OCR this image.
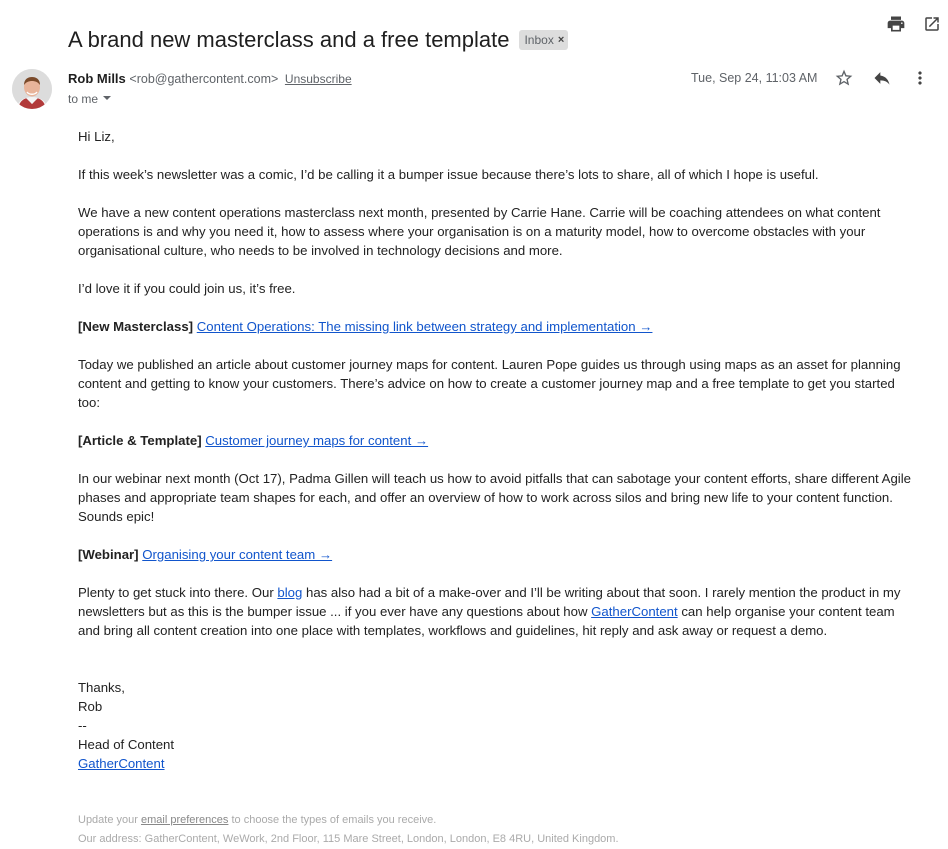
A brand new masterclass and a free template Inbox ×
Rob Mills <rob@gathercontent.com> Unsubscribe
to me
Tue, Sep 24, 11:03 AM

Hi Liz,

If this week’s newsletter was a comic, I’d be calling it a bumper issue because there’s lots to share, all of which I hope is useful.

We have a new content operations masterclass next month, presented by Carrie Hane. Carrie will be coaching attendees on what content operations is and why you need it, how to assess where your organisation is on a maturity model, how to overcome obstacles with your organisational culture, who needs to be involved in technology decisions and more.

I’d love it if you could join us, it’s free.

[New Masterclass] Content Operations: The missing link between strategy and implementation →

Today we published an article about customer journey maps for content. Lauren Pope guides us through using maps as an asset for planning content and getting to know your customers. There’s advice on how to create a customer journey map and a free template to get you started too:

[Article & Template] Customer journey maps for content →

In our webinar next month (Oct 17), Padma Gillen will teach us how to avoid pitfalls that can sabotage your content efforts, share different Agile phases and appropriate team shapes for each, and offer an overview of how to work across silos and bring new life to your content function. Sounds epic!

[Webinar] Organising your content team →

Plenty to get stuck into there. Our blog has also had a bit of a make-over and I’ll be writing about that soon. I rarely mention the product in my newsletters but as this is the bumper issue ... if you ever have any questions about how GatherContent can help organise your content team and bring all content creation into one place with templates, workflows and guidelines, hit reply and ask away or request a demo.

Thanks,
Rob
--
Head of Content
GatherContent
Update your email preferences to choose the types of emails you receive.
Our address: GatherContent, WeWork, 2nd Floor, 115 Mare Street, London, London, E8 4RU, United Kingdom.
